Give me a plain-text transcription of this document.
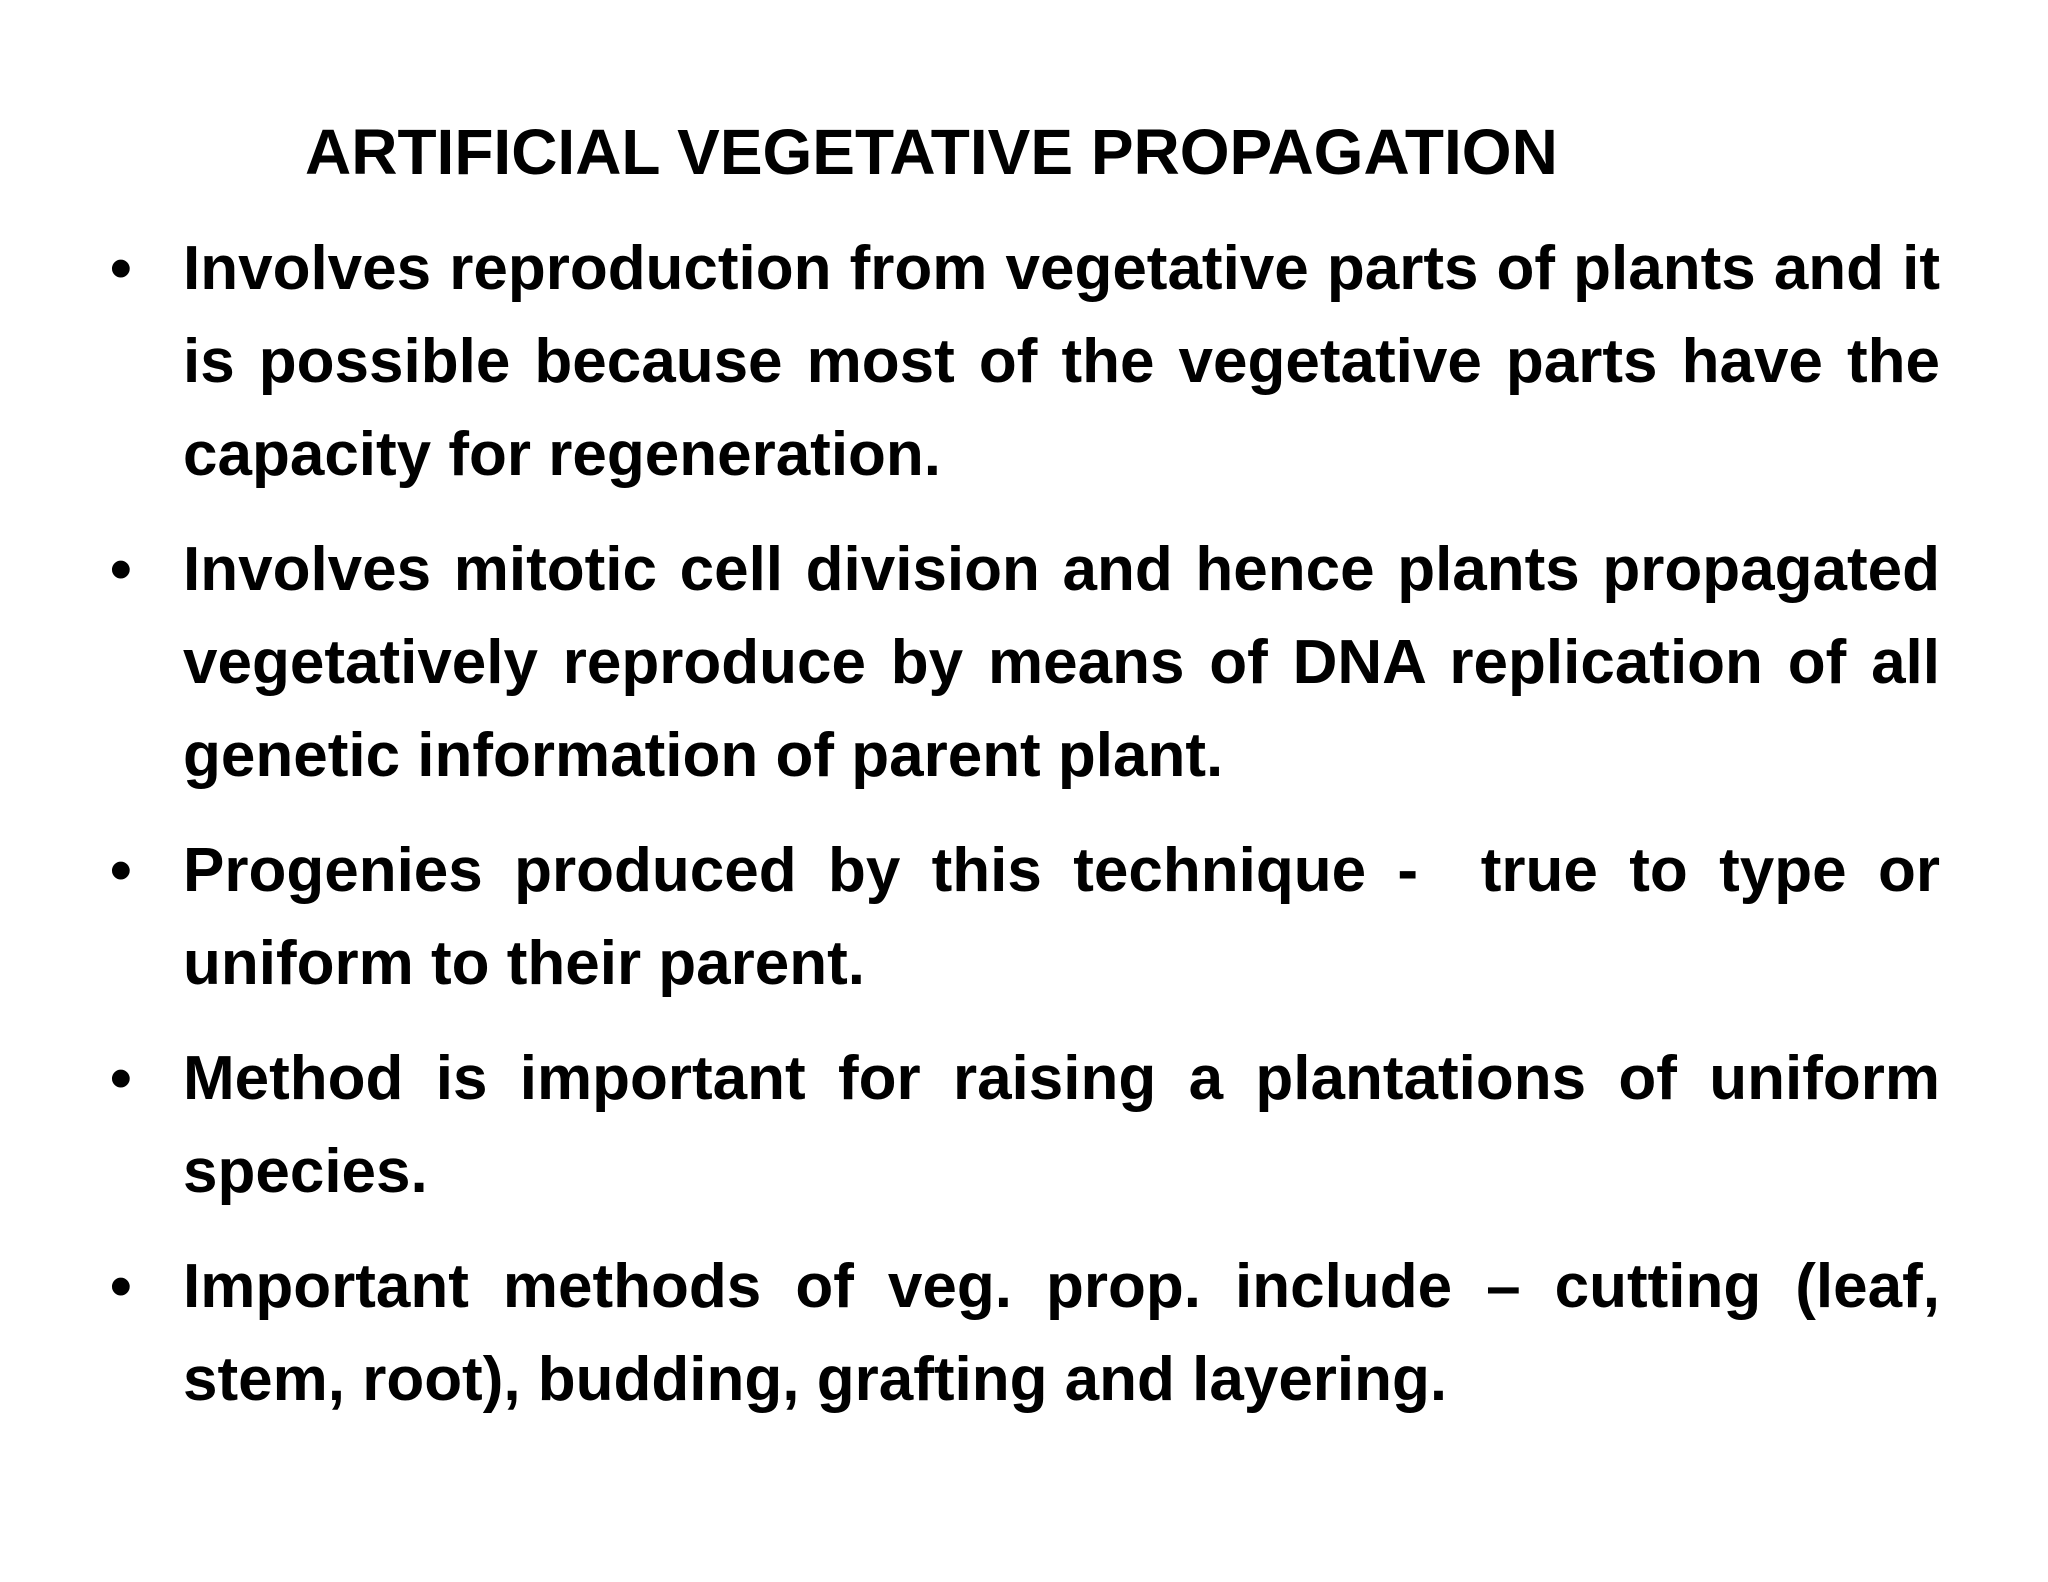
ARTIFICIAL VEGETATIVE PROPAGATION
• Involves reproduction from vegetative parts of plants and it is possible because most of the vegetative parts have the capacity for regeneration.
• Involves mitotic cell division and hence plants propagated vegetatively reproduce by means of DNA replication of all genetic information of parent plant.
• Progenies produced by this technique -  true to type or uniform to their parent.
• Method is important for raising a plantations of uniform species.
• Important methods of veg. prop. include – cutting (leaf, stem, root), budding, grafting and layering.
